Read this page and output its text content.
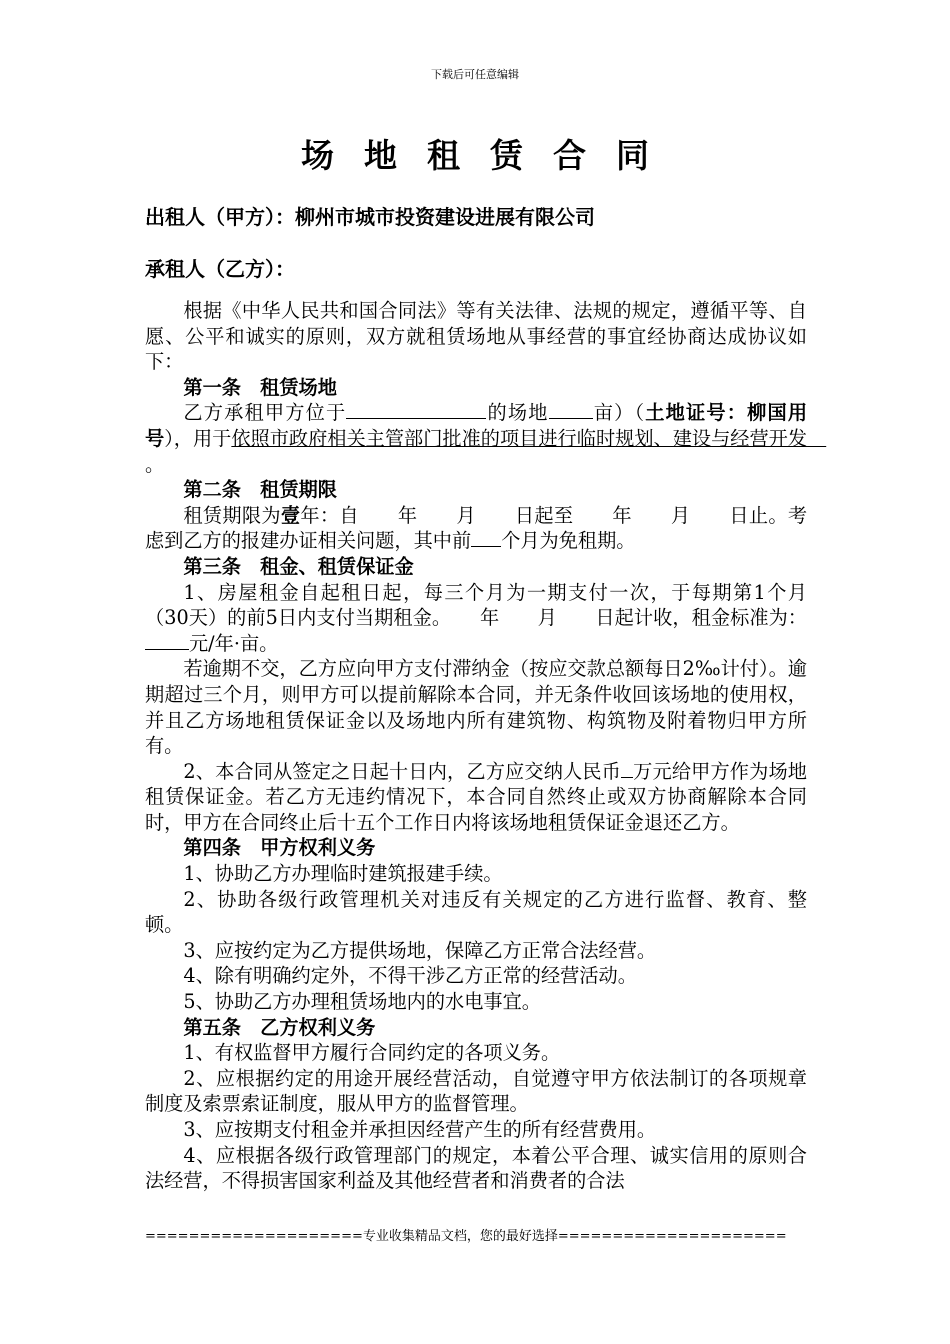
下载后可任意编辑
场地租赁合同
出租人（甲方）：柳州市城市投资建设进展有限公司
承租人（乙方）：

根据《中华人民共和国合同法》等有关法律、法规的规定，遵循平等、自愿、公平和诚实的原则，双方就租赁场地从事经营的事宜经协商达成协议如下：

第一条　租赁场地

乙方承租甲方位于	的场地 亩）（土地证号：柳国用　　　　　号），用于依照市政府相关主管部门批准的项目进行临时规划、建设与经营开发　。

第二条　租赁期限

租赁期限为壹年：自　　年　　月　　日起至　　年　　月　　日止。考虑到乙方的报建办证相关问题，其中前 个月为免租期。

第三条　租金、租赁保证金

1、房屋租金自起租日起，每三个月为一期支付一次，于每期第1个月（30天）的前5日内支付当期租金。　　年　　月　　日起计收，租金标准为：元/年·亩。

若逾期不交，乙方应向甲方支付滞纳金（按应交款总额每日2‰计付）。逾期超过三个月，则甲方可以提前解除本合同，并无条件收回该场地的使用权，并且乙方场地租赁保证金以及场地内所有建筑物、构筑物及附着物归甲方所有。

2、本合同从签定之日起十日内，乙方应交纳人民币 万元给甲方作为场地租赁保证金。若乙方无违约情况下，本合同自然终止或双方协商解除本合同时，甲方在合同终止后十五个工作日内将该场地租赁保证金退还乙方。

第四条　甲方权利义务

1、协助乙方办理临时建筑报建手续。

2、协助各级行政管理机关对违反有关规定的乙方进行监督、教育、整顿。

3、应按约定为乙方提供场地，保障乙方正常合法经营。

4、除有明确约定外，不得干涉乙方正常的经营活动。

5、协助乙方办理租赁场地内的水电事宜。

第五条　乙方权利义务

1、有权监督甲方履行合同约定的各项义务。

2、应根据约定的用途开展经营活动，自觉遵守甲方依法制订的各项规章制度及索票索证制度，服从甲方的监督管理。

3、应按期支付租金并承担因经营产生的所有经营费用。

4、应根据各级行政管理部门的规定，本着公平合理、诚实信用的原则合法经营，不得损害国家利益及其他经营者和消费者的合法

====================专业收集精品文档，您的最好选择=====================
